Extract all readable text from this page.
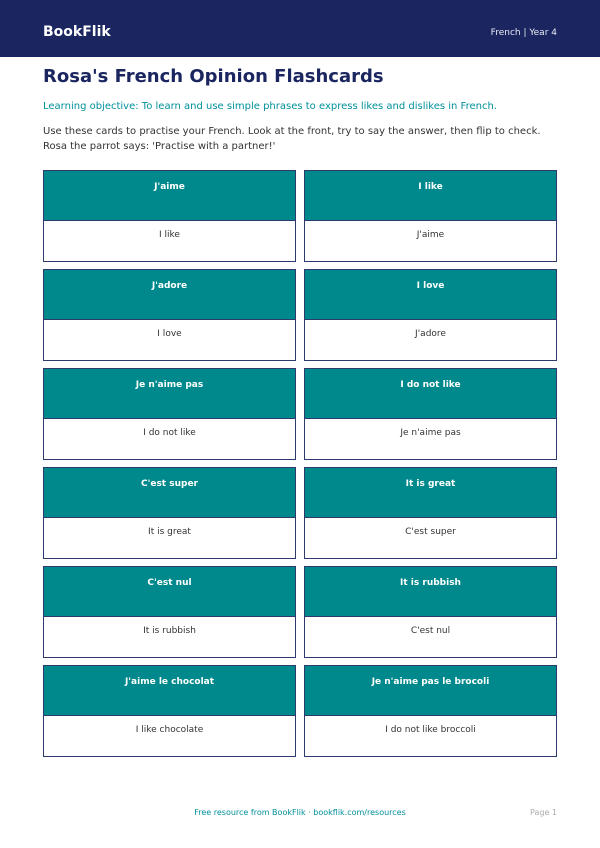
BookFlik	French | Year 4
Rosa's French Opinion Flashcards

Learning objective: To learn and use simple phrases to express likes and dislikes in French.

Use these cards to practise your French. Look at the front, try to say the answer, then flip to check. Rosa the parrot says: 'Practise with a partner!'

J'aime
I like
I like
J'aime
J'adore
I love
I love
J'adore
Je n'aime pas
I do not like
I do not like
Je n'aime pas
C'est super
It is great
It is great
C'est super
C'est nul
It is rubbish
It is rubbish
C'est nul
J'aime le chocolat
I like chocolate
Je n'aime pas le brocoli
I do not like broccoli
Free resource from BookFlik · bookflik.com/resources	Page 1
